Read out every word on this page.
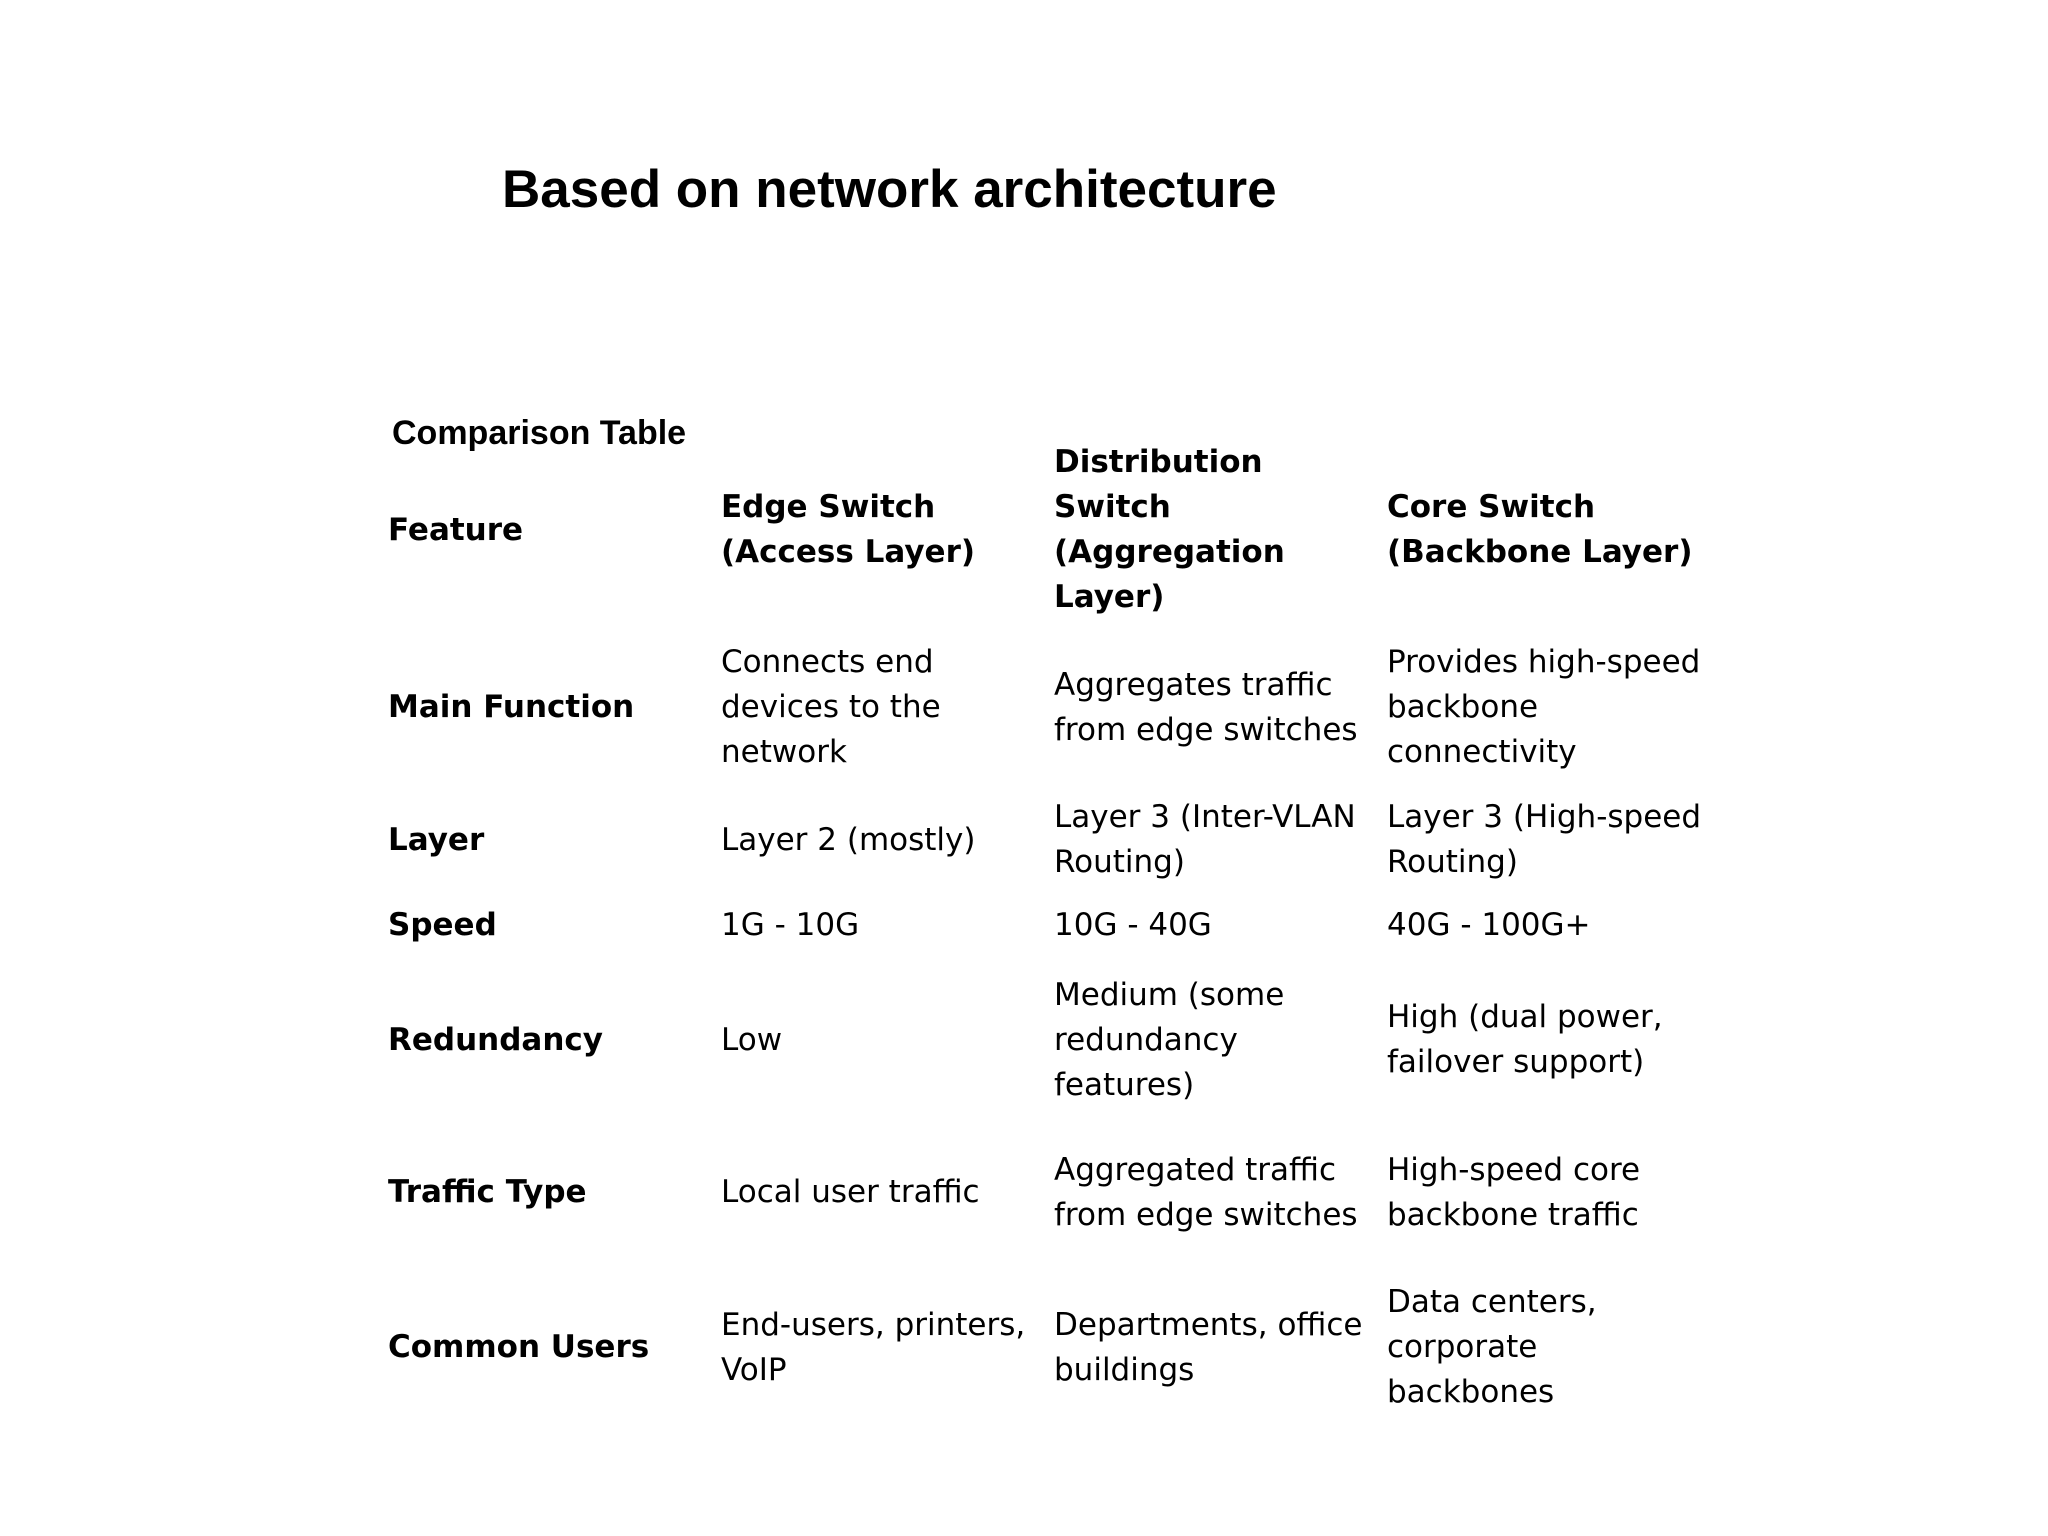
Based on network architecture
Comparison Table
Feature	Edge Switch (Access Layer)	Distribution Switch (Aggregation Layer)	Core Switch (Backbone Layer)
Main Function	Connects end devices to the network	Aggregates traffic from edge switches	Provides high-speed backbone connectivity
Layer	Layer 2 (mostly)	Layer 3 (Inter-VLAN Routing)	Layer 3 (High-speed Routing)
Speed	1G - 10G	10G - 40G	40G - 100G+
Redundancy	Low	Medium (some redundancy features)	High (dual power, failover support)
Traffic Type	Local user traffic	Aggregated traffic from edge switches	High-speed core backbone traffic
Common Users	End-users, printers, VoIP	Departments, office buildings	Data centers, corporate backbones
